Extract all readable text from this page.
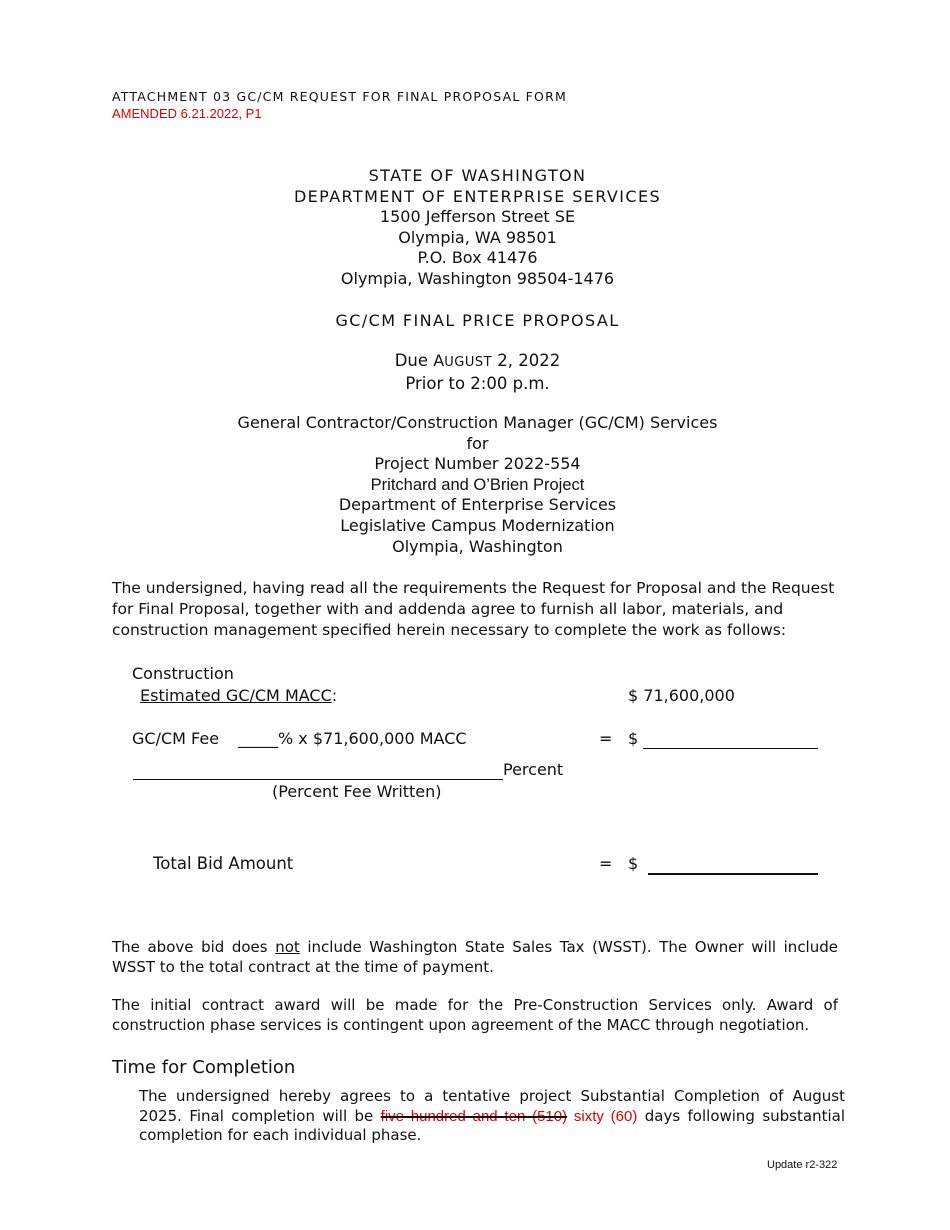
ATTACHMENT 03 GC/CM REQUEST FOR FINAL PROPOSAL FORM
AMENDED 6.21.2022, P1
STATE OF WASHINGTON
DEPARTMENT OF ENTERPRISE SERVICES
1500 Jefferson Street SE
Olympia, WA 98501
P.O. Box 41476
Olympia, Washington 98504-1476
GC/CM FINAL PRICE PROPOSAL
Due AUGUST 2, 2022
Prior to 2:00 p.m.
General Contractor/Construction Manager (GC/CM) Services
for
Project Number 2022-554
Pritchard and O’Brien Project
Department of Enterprise Services
Legislative Campus Modernization
Olympia, Washington
The undersigned, having read all the requirements the Request for Proposal and the Request for Final Proposal, together with and addenda agree to furnish all labor, materials, and construction management specified herein necessary to complete the work as follows:
Construction
Estimated GC/CM MACC:	$ 71,600,000
GC/CM Fee _____% x $71,600,000 MACC	= $
Percent
(Percent Fee Written)
Total Bid Amount	= $
The above bid does not include Washington State Sales Tax (WSST). The Owner will include WSST to the total contract at the time of payment.
The initial contract award will be made for the Pre-Construction Services only. Award of construction phase services is contingent upon agreement of the MACC through negotiation.
Time for Completion
The undersigned hereby agrees to a tentative project Substantial Completion of August 2025. Final completion will be five hundred and ten (510) sixty (60) days following substantial completion for each individual phase.
Update r2-322
